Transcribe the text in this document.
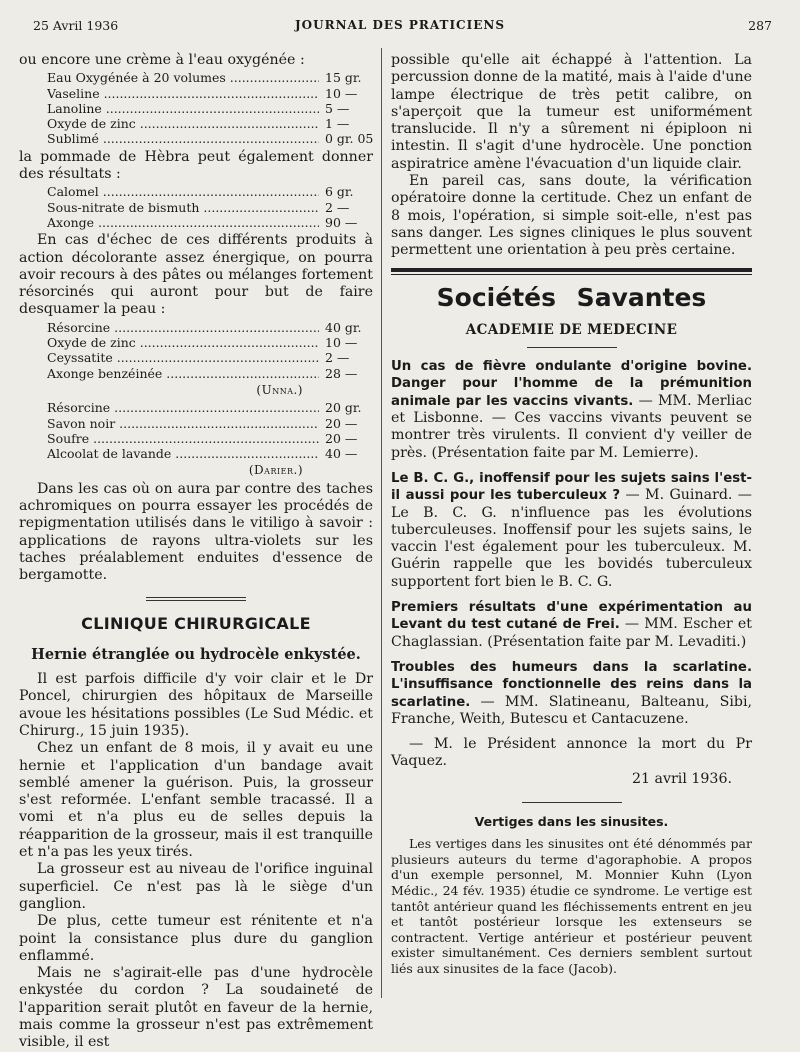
JOURNAL DES PRATICIENS
25 Avril 1936	287

ou encore une crème à l'eau oxygénée :

Eau Oxygénée à 20 volumes .....	15 gr.
Vaseline .....	10 —
Lanoline .....	5 —
Oxyde de zinc .....	1 —
Sublimé .....	0 gr. 05

la pommade de Hèbra peut également donner des résultats :

Calomel .....	6 gr.
Sous-nitrate de bismuth .....	2 —
Axonge .....	90 —

En cas d'échec de ces différents produits à action décolorante assez énergique, on pourra avoir recours à des pâtes ou mélanges fortement résorcinés qui auront pour but de faire desquamer la peau :

Résorcine .....	40 gr.
Oxyde de zinc .....	10 —
Ceyssatite .....	2 —
Axonge benzéinée .....	28 —
(Unna.)
Résorcine .....	20 gr.
Savon noir .....	20 —
Soufre .....	20 —
Alcoolat de lavande .....	40 —
(Darier.)

Dans les cas où on aura par contre des taches achromiques on pourra essayer les procédés de repigmentation utilisés dans le vitiligo à savoir : applications de rayons ultra-violets sur les taches préalablement enduites d'essence de bergamotte.

CLINIQUE CHIRURGICALE
Hernie étranglée ou hydrocèle enkystée.

Il est parfois difficile d'y voir clair et le Dr Poncel, chirurgien des hôpitaux de Marseille avoue les hésitations possibles (Le Sud Médic. et Chirurg., 15 juin 1935).

Chez un enfant de 8 mois, il y avait eu une hernie et l'application d'un bandage avait semblé amener la guérison. Puis, la grosseur s'est reformée. L'enfant semble tracassé. Il a vomi et n'a plus eu de selles depuis la réapparition de la grosseur, mais il est tranquille et n'a pas les yeux tirés.

La grosseur est au niveau de l'orifice inguinal superficiel. Ce n'est pas là le siège d'un ganglion.

De plus, cette tumeur est rénitente et n'a point la consistance plus dure du ganglion enflammé.

Mais ne s'agirait-elle pas d'une hydrocèle enkystée du cordon ? La soudaineté de l'apparition serait plutôt en faveur de la hernie, mais comme la grosseur n'est pas extrêmement visible, il est

possible qu'elle ait échappé à l'attention. La percussion donne de la matité, mais à l'aide d'une lampe électrique de très petit calibre, on s'aperçoit que la tumeur est uniformément translucide. Il n'y a sûrement ni épiploon ni intestin. Il s'agit d'une hydrocèle. Une ponction aspiratrice amène l'évacuation d'un liquide clair.

En pareil cas, sans doute, la vérification opératoire donne la certitude. Chez un enfant de 8 mois, l'opération, si simple soit-elle, n'est pas sans danger. Les signes cliniques le plus souvent permettent une orientation à peu près certaine.

Sociétés Savantes
ACADEMIE DE MEDECINE

Un cas de fièvre ondulante d'origine bovine. Danger pour l'homme de la prémunition animale par les vaccins vivants. — MM. Merliac et Lisbonne. — Ces vaccins vivants peuvent se montrer très virulents. Il convient d'y veiller de près. (Présentation faite par M. Lemierre).

Le B. C. G., inoffensif pour les sujets sains l'est-il aussi pour les tuberculeux ? — M. Guinard. — Le B. C. G. n'influence pas les évolutions tuberculeuses. Inoffensif pour les sujets sains, le vaccin l'est également pour les tuberculeux. M. Guérin rappelle que les bovidés tuberculeux supportent fort bien le B. C. G.

Premiers résultats d'une expérimentation au Levant du test cutané de Frei. — MM. Escher et Chaglassian. (Présentation faite par M. Levaditi.)

Troubles des humeurs dans la scarlatine. L'insuffisance fonctionnelle des reins dans la scarlatine. — MM. Slatineanu, Balteanu, Sibi, Franche, Weith, Butescu et Cantacuzene.

— M. le Président annonce la mort du Pr Vaquez.

21 avril 1936.

Vertiges dans les sinusites.

Les vertiges dans les sinusites ont été dénommés par plusieurs auteurs du terme d'agoraphobie. A propos d'un exemple personnel, M. Monnier Kuhn (Lyon Médic., 24 fév. 1935) étudie ce syndrome. Le vertige est tantôt antérieur quand les fléchissements entrent en jeu et tantôt postérieur lorsque les extenseurs se contractent. Vertige antérieur et postérieur peuvent exister simultanément. Ces derniers semblent surtout liés aux sinusites de la face (Jacob).
